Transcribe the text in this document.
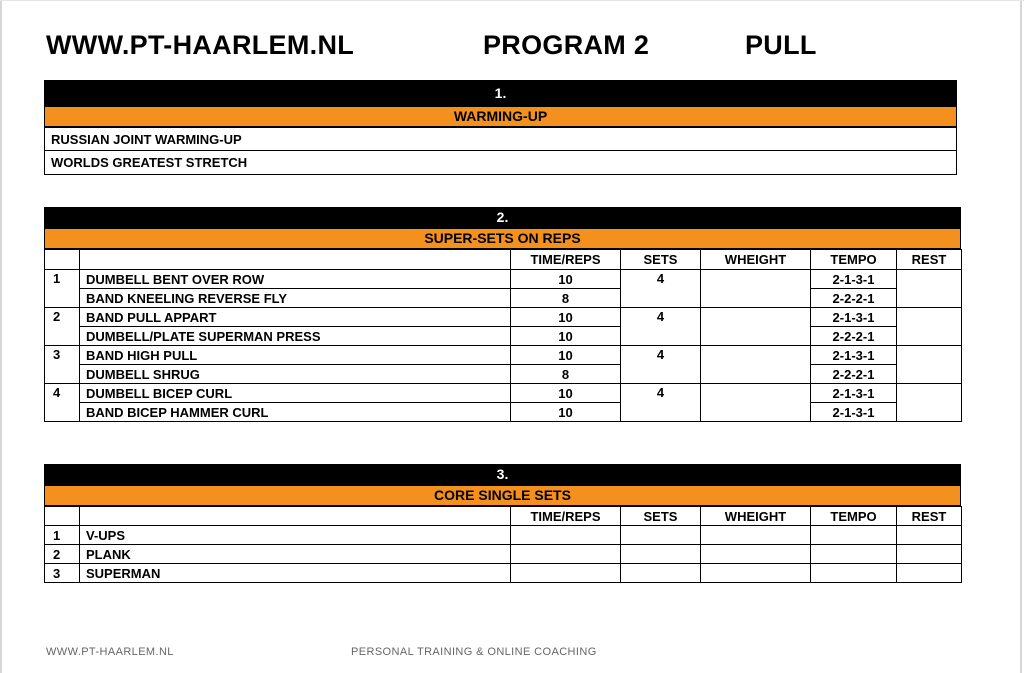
WWW.PT-HAARLEM.NL	PROGRAM 2	PULL
1.
WARMING-UP
RUSSIAN JOINT WARMING-UP
WORLDS GREATEST STRETCH
2.
SUPER-SETS ON REPS
		TIME/REPS	SETS	WHEIGHT	TEMPO	REST
1	DUMBELL BENT OVER ROW	10	4		2-1-3-1	
	BAND KNEELING REVERSE FLY	8			2-2-2-1	
2	BAND PULL APPART	10	4		2-1-3-1	
	DUMBELL/PLATE SUPERMAN PRESS	10			2-2-2-1	
3	BAND HIGH PULL	10	4		2-1-3-1	
	DUMBELL SHRUG	8			2-2-2-1	
4	DUMBELL BICEP CURL	10	4		2-1-3-1	
	BAND BICEP HAMMER CURL	10			2-1-3-1	
3.
CORE SINGLE SETS
		TIME/REPS	SETS	WHEIGHT	TEMPO	REST
1	V-UPS					
2	PLANK					
3	SUPERMAN					
WWW.PT-HAARLEM.NL	PERSONAL TRAINING & ONLINE COACHING
